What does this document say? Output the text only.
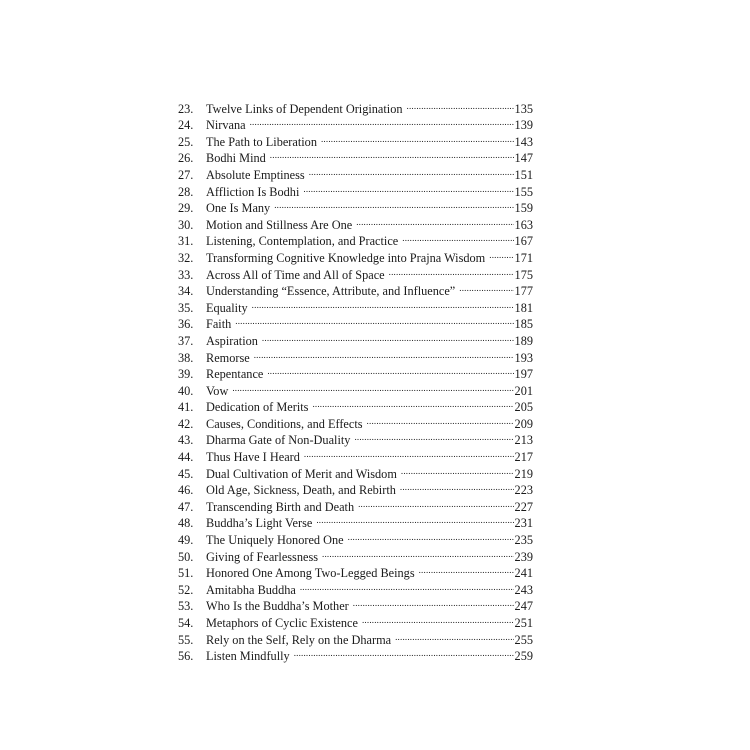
23.	Twelve Links of Dependent Origination .....	135
24.	Nirvana .....	139
25.	The Path to Liberation .....	143
26.	Bodhi Mind .....	147
27.	Absolute Emptiness .....	151
28.	Affliction Is Bodhi .....	155
29.	One Is Many .....	159
30.	Motion and Stillness Are One .....	163
31.	Listening, Contemplation, and Practice .....	167
32.	Transforming Cognitive Knowledge into Prajna Wisdom .....	171
33.	Across All of Time and All of Space .....	175
34.	Understanding “Essence, Attribute, and Influence” .....	177
35.	Equality .....	181
36.	Faith .....	185
37.	Aspiration .....	189
38.	Remorse .....	193
39.	Repentance .....	197
40.	Vow .....	201
41.	Dedication of Merits .....	205
42.	Causes, Conditions, and Effects .....	209
43.	Dharma Gate of Non-Duality .....	213
44.	Thus Have I Heard .....	217
45.	Dual Cultivation of Merit and Wisdom .....	219
46.	Old Age, Sickness, Death, and Rebirth .....	223
47.	Transcending Birth and Death .....	227
48.	Buddha’s Light Verse .....	231
49.	The Uniquely Honored One .....	235
50.	Giving of Fearlessness .....	239
51.	Honored One Among Two-Legged Beings .....	241
52.	Amitabha Buddha .....	243
53.	Who Is the Buddha’s Mother .....	247
54.	Metaphors of Cyclic Existence .....	251
55.	Rely on the Self, Rely on the Dharma .....	255
56.	Listen Mindfully .....	259
